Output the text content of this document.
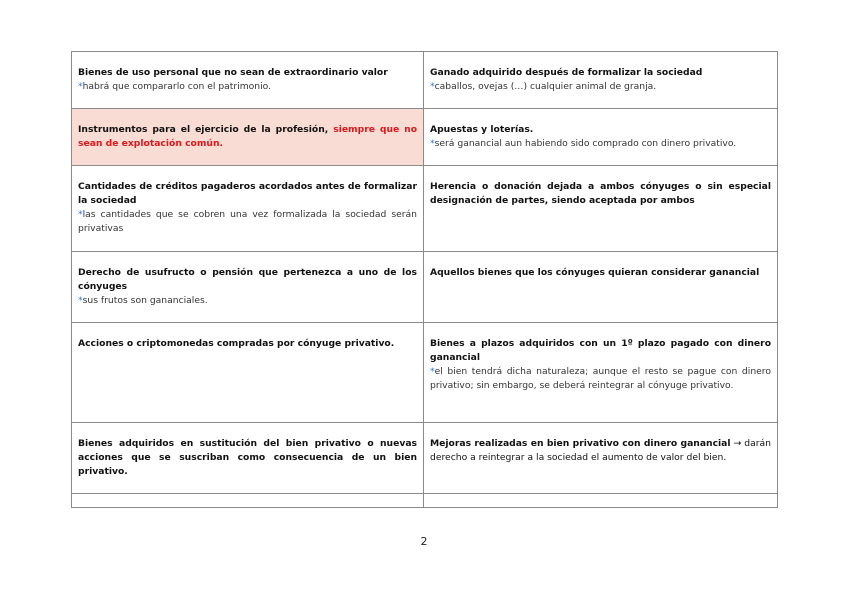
Bienes de uso personal que no sean de extraordinario valor
*habrá que compararlo con el patrimonio.	Ganado adquirido después de formalizar la sociedad
*caballos, ovejas (…) cualquier animal de granja.

Instrumentos para el ejercicio de la profesión, siempre que no sean de explotación común.	Apuestas y loterías.
*será ganancial aun habiendo sido comprado con dinero privativo.

Cantidades de créditos pagaderos acordados antes de formalizar la sociedad
*las cantidades que se cobren una vez formalizada la sociedad serán privativas	Herencia o donación dejada a ambos cónyuges o sin especial designación de partes, siendo aceptada por ambos

Derecho de usufructo o pensión que pertenezca a uno de los cónyuges
*sus frutos son gananciales.	Aquellos bienes que los cónyuges quieran considerar ganancial

Acciones o criptomonedas compradas por cónyuge privativo.	Bienes a plazos adquiridos con un 1º plazo pagado con dinero ganancial
*el bien tendrá dicha naturaleza; aunque el resto se pague con dinero privativo; sin embargo, se deberá reintegrar al cónyuge privativo.

Bienes adquiridos en sustitución del bien privativo o nuevas acciones que se suscriban como consecuencia de un bien privativo.	Mejoras realizadas en bien privativo con dinero ganancial → darán derecho a reintegrar a la sociedad el aumento de valor del bien.

2
